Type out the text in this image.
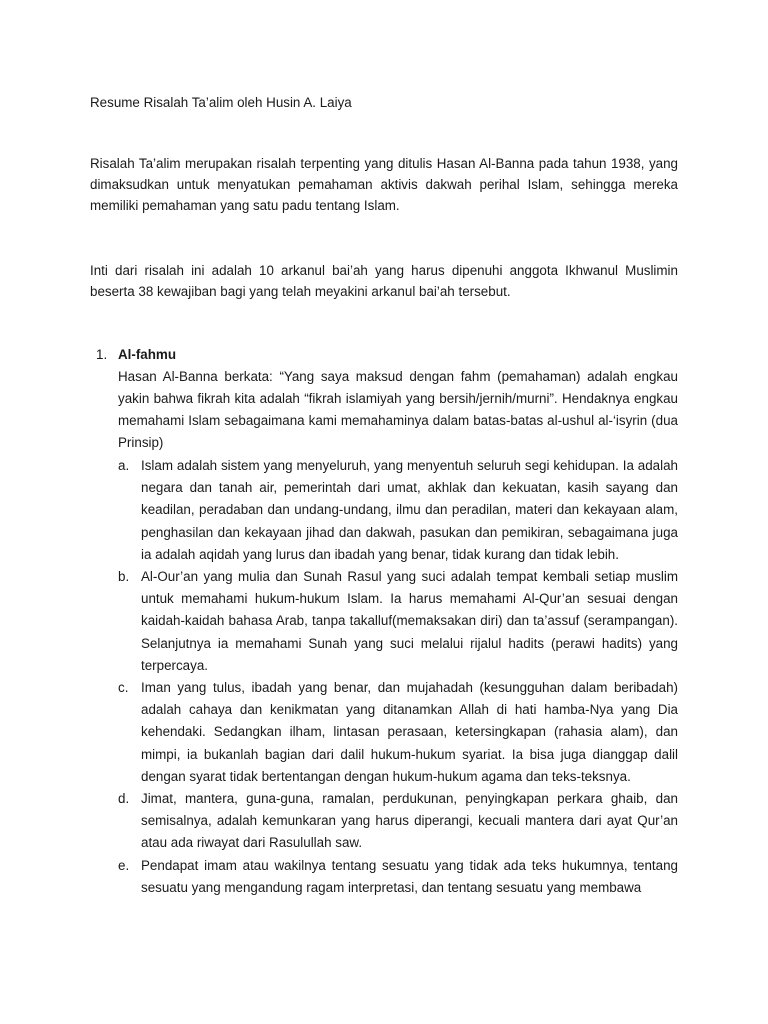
Resume Risalah Ta’alim oleh Husin A. Laiya
Risalah Ta’alim merupakan risalah terpenting yang ditulis Hasan Al-Banna pada tahun 1938, yang dimaksudkan untuk menyatukan pemahaman aktivis dakwah perihal Islam, sehingga mereka memiliki pemahaman yang satu padu tentang Islam.
Inti dari risalah ini adalah 10 arkanul bai’ah yang harus dipenuhi anggota Ikhwanul Muslimin beserta 38 kewajiban bagi yang telah meyakini arkanul bai’ah tersebut.
1. Al-fahmu
Hasan Al-Banna berkata: “Yang saya maksud dengan fahm (pemahaman) adalah engkau yakin bahwa fikrah kita adalah “fikrah islamiyah yang bersih/jernih/murni”. Hendaknya engkau memahami Islam sebagaimana kami memahaminya dalam batas-batas al-ushul al-‘isyrin (dua Prinsip)
a. Islam adalah sistem yang menyeluruh, yang menyentuh seluruh segi kehidupan. Ia adalah negara dan tanah air, pemerintah dari umat, akhlak dan kekuatan, kasih sayang dan keadilan, peradaban dan undang-undang, ilmu dan peradilan, materi dan kekayaan alam, penghasilan dan kekayaan jihad dan dakwah, pasukan dan pemikiran, sebagaimana juga ia adalah aqidah yang lurus dan ibadah yang benar, tidak kurang dan tidak lebih.
b. Al-Our’an yang mulia dan Sunah Rasul yang suci adalah tempat kembali setiap muslim untuk memahami hukum-hukum Islam. Ia harus memahami Al-Qur’an sesuai dengan kaidah-kaidah bahasa Arab, tanpa takalluf(memaksakan diri) dan ta’assuf (serampangan). Selanjutnya ia memahami Sunah yang suci melalui rijalul hadits (perawi hadits) yang terpercaya.
c. Iman yang tulus, ibadah yang benar, dan mujahadah (kesungguhan dalam beribadah) adalah cahaya dan kenikmatan yang ditanamkan Allah di hati hamba-Nya yang Dia kehendaki. Sedangkan ilham, lintasan perasaan, ketersingkapan (rahasia alam), dan mimpi, ia bukanlah bagian dari dalil hukum-hukum syariat. Ia bisa juga dianggap dalil dengan syarat tidak bertentangan dengan hukum-hukum agama dan teks-teksnya.
d. Jimat, mantera, guna-guna, ramalan, perdukunan, penyingkapan perkara ghaib, dan semisalnya, adalah kemunkaran yang harus diperangi, kecuali mantera dari ayat Qur’an atau ada riwayat dari Rasulullah saw.
e. Pendapat imam atau wakilnya tentang sesuatu yang tidak ada teks hukumnya, tentang sesuatu yang mengandung ragam interpretasi, dan tentang sesuatu yang membawa
